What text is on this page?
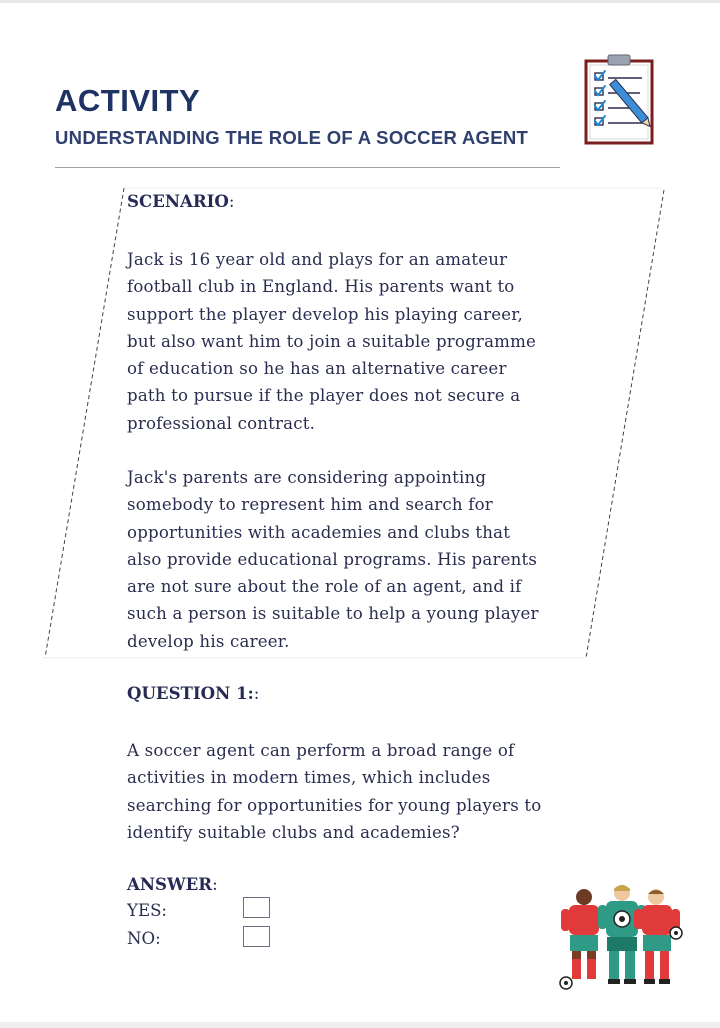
ACTIVITY
UNDERSTANDING THE ROLE OF A SOCCER AGENT

SCENARIO:

Jack is 16 year old and plays for an amateur
football club in England. His parents want to
support the player develop his playing career,
but also want him to join a suitable programme
of education so he has an alternative career
path to pursue if the player does not secure a
professional contract.

Jack's parents are considering appointing
somebody to represent him and search for
opportunities with academies and clubs that
also provide educational programs. His parents
are not sure about the role of an agent, and if
such a person is suitable to help a young player
develop his career.

QUESTION 1::

A soccer agent can perform a broad range of
activities in modern times, which includes
searching for opportunities for young players to
identify suitable clubs and academies?

ANSWER:

YES:

NO:
